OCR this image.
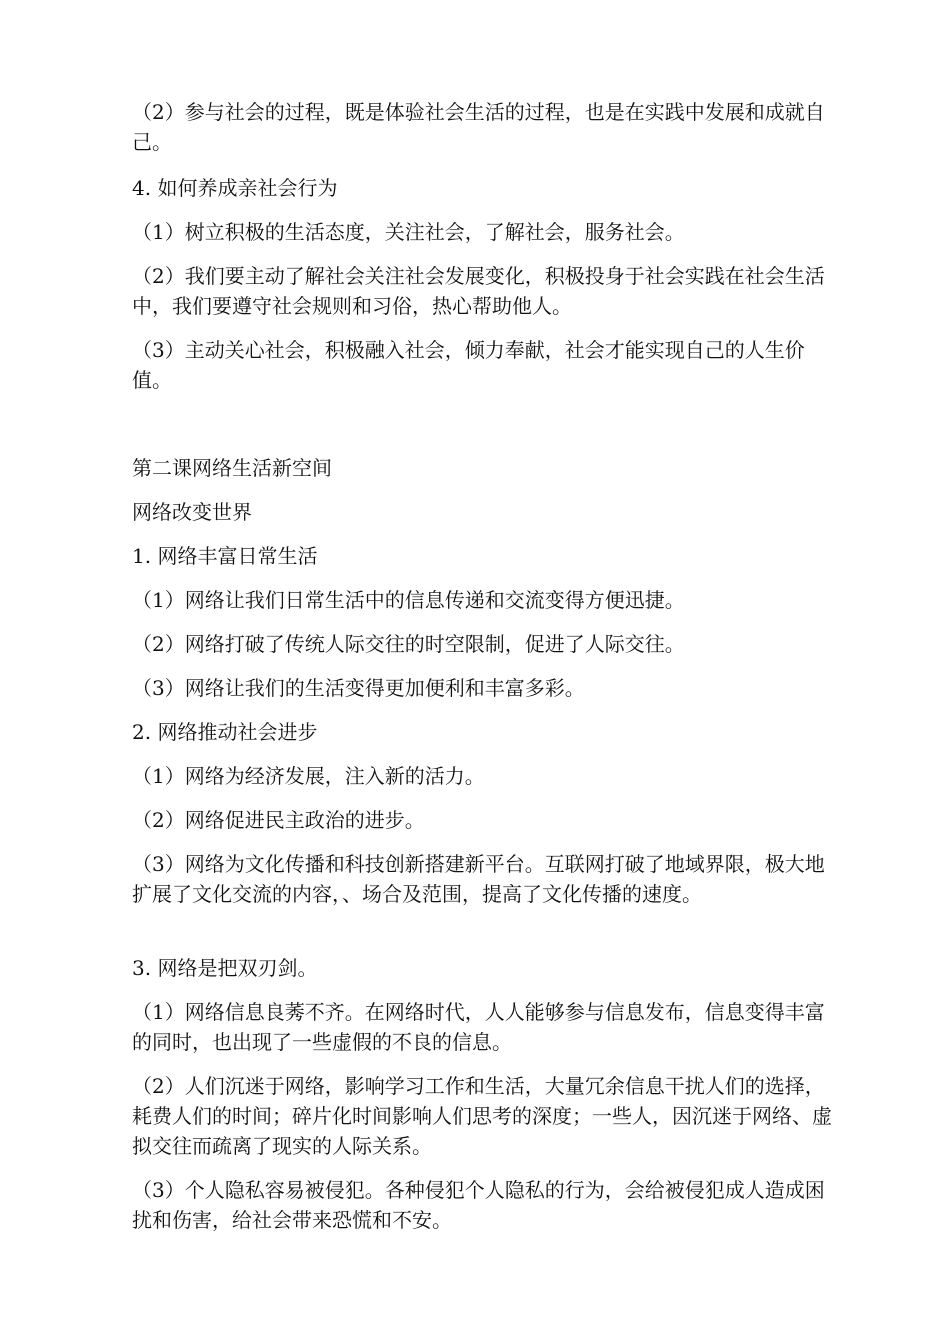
（2）参与社会的过程，既是体验社会生活的过程，也是在实践中发展和成就自己。

4. 如何养成亲社会行为

（1）树立积极的生活态度，关注社会，了解社会，服务社会。

（2）我们要主动了解社会关注社会发展变化，积极投身于社会实践在社会生活中，我们要遵守社会规则和习俗，热心帮助他人。

（3）主动关心社会，积极融入社会，倾力奉献，社会才能实现自己的人生价值。

第二课网络生活新空间

网络改变世界

1. 网络丰富日常生活

（1）网络让我们日常生活中的信息传递和交流变得方便迅捷。

（2）网络打破了传统人际交往的时空限制，促进了人际交往。

（3）网络让我们的生活变得更加便利和丰富多彩。

2. 网络推动社会进步

（1）网络为经济发展，注入新的活力。

（2）网络促进民主政治的进步。

（3）网络为文化传播和科技创新搭建新平台。互联网打破了地域界限，极大地扩展了文化交流的内容，、场合及范围，提高了文化传播的速度。

3. 网络是把双刃剑。

（1）网络信息良莠不齐。在网络时代，人人能够参与信息发布，信息变得丰富的同时，也出现了一些虚假的不良的信息。

（2）人们沉迷于网络，影响学习工作和生活，大量冗余信息干扰人们的选择，耗费人们的时间；碎片化时间影响人们思考的深度；一些人，因沉迷于网络、虚拟交往而疏离了现实的人际关系。

（3）个人隐私容易被侵犯。各种侵犯个人隐私的行为，会给被侵犯成人造成困扰和伤害，给社会带来恐慌和不安。
